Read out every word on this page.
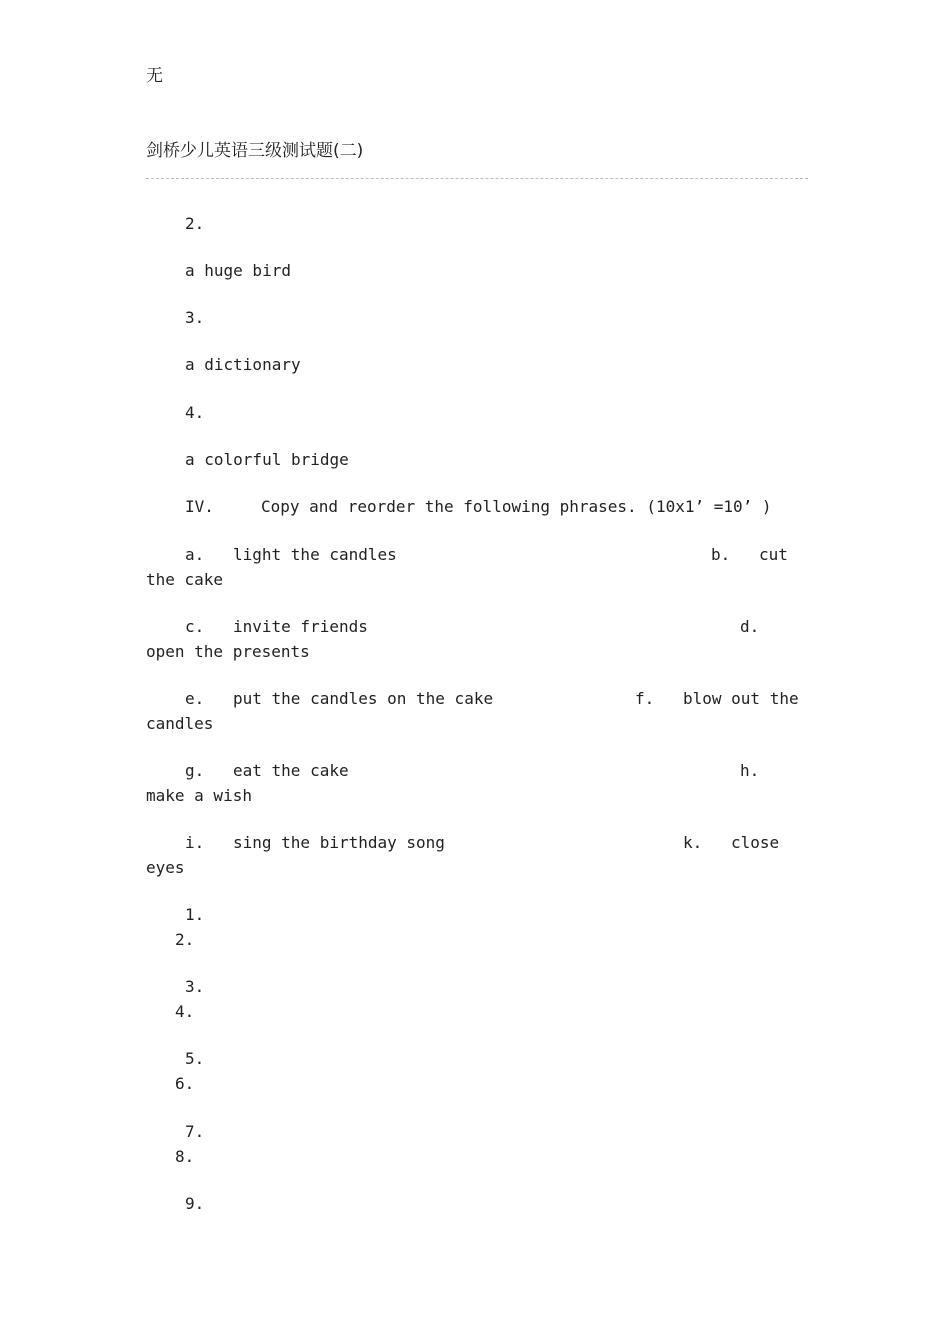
无
剑桥少儿英语三级测试题(二)
2.
a huge bird
3.
a dictionary
4.
a colorful bridge
IV.	Copy and reorder the following phrases. (10x1’ =10’ )
a. light the candles	b. cut
the cake
c. invite friends	d.
open the presents
e. put the candles on the cake	f. blow out the
candles
g. eat the cake	h.
make a wish
i. sing the birthday song	k. close
eyes
1.
2.
3.
4.
5.
6.
7.
8.
9.
